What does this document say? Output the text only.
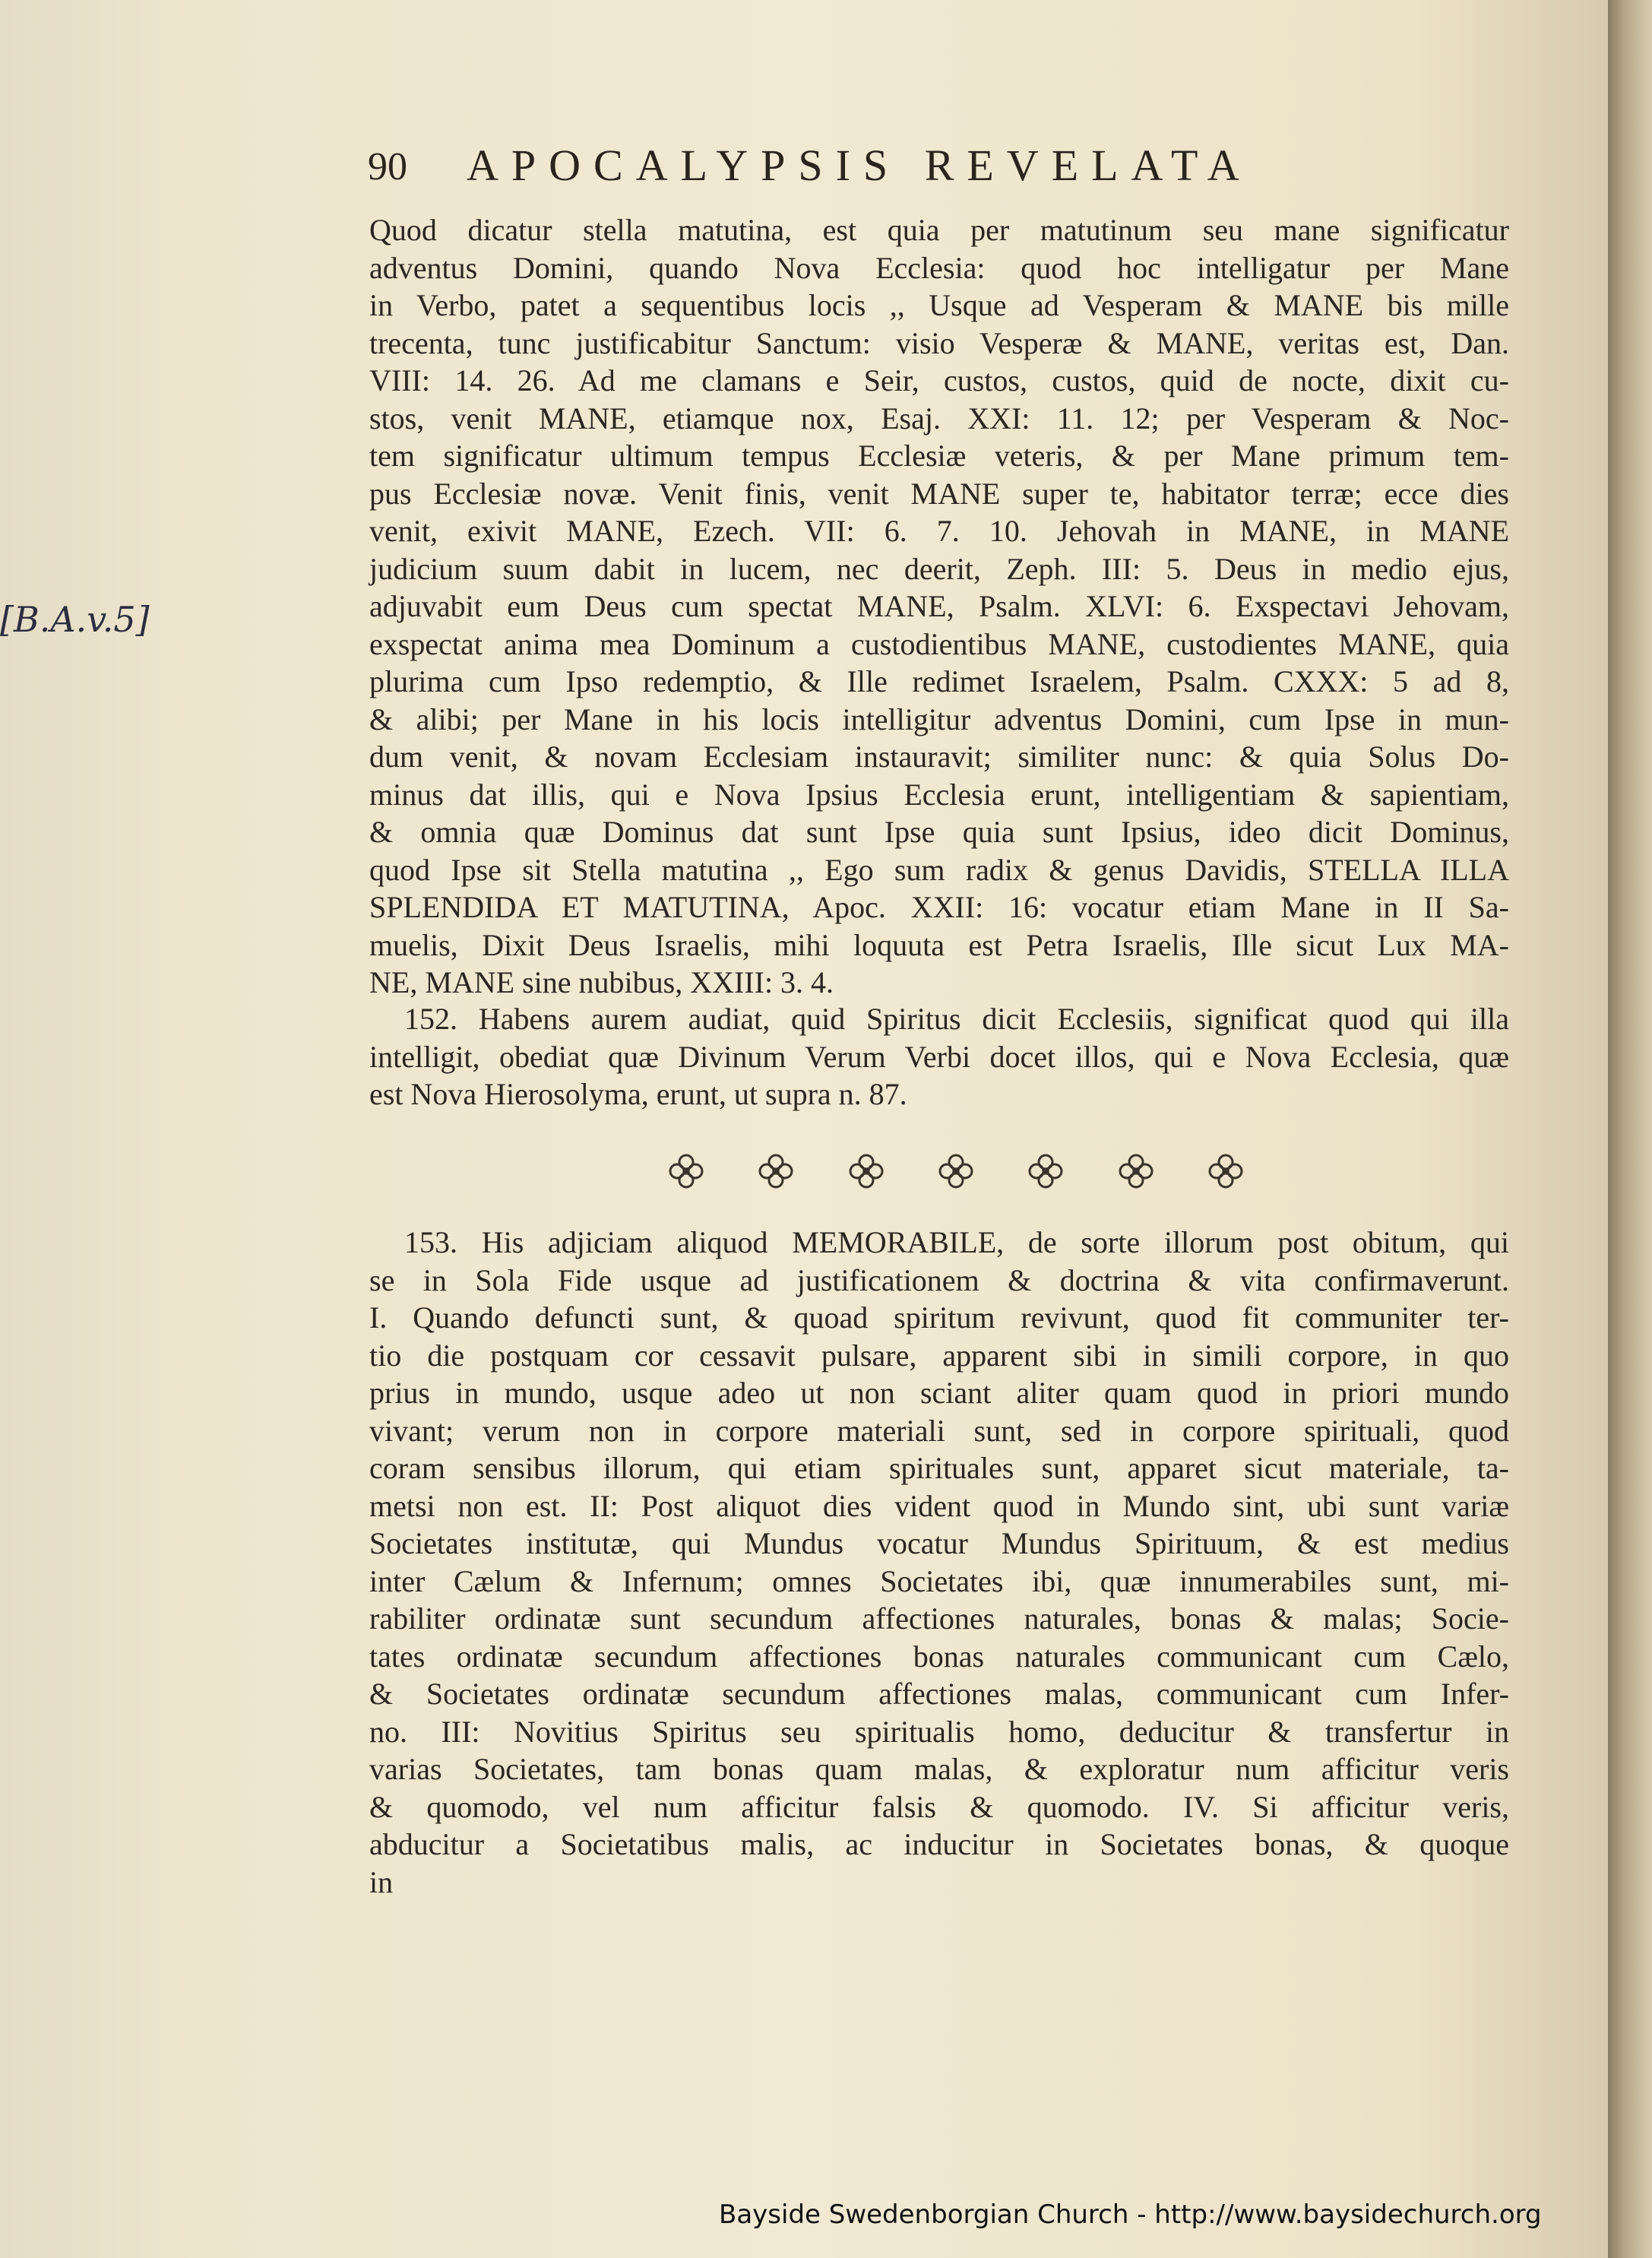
90 APOCALYPSIS REVELATA
[B.A.v.5]
Quod dicatur stella matutina, est quia per matutinum seu mane significatur
adventus Domini, quando Nova Ecclesia: quod hoc intelligatur per Mane
in Verbo, patet a sequentibus locis ,, Usque ad Vesperam & MANE bis mille
trecenta, tunc justificabitur Sanctum: visio Vesperæ & MANE, veritas est, Dan.
VIII: 14. 26. Ad me clamans e Seir, custos, custos, quid de nocte, dixit cu-
stos, venit MANE, etiamque nox, Esaj. XXI: 11. 12; per Vesperam & Noc-
tem significatur ultimum tempus Ecclesiæ veteris, & per Mane primum tem-
pus Ecclesiæ novæ. Venit finis, venit MANE super te, habitator terræ; ecce dies
venit, exivit MANE, Ezech. VII: 6. 7. 10. Jehovah in MANE, in MANE
judicium suum dabit in lucem, nec deerit, Zeph. III: 5. Deus in medio ejus,
adjuvabit eum Deus cum spectat MANE, Psalm. XLVI: 6. Exspectavi Jehovam,
exspectat anima mea Dominum a custodientibus MANE, custodientes MANE, quia
plurima cum Ipso redemptio, & Ille redimet Israelem, Psalm. CXXX: 5 ad 8,
& alibi; per Mane in his locis intelligitur adventus Domini, cum Ipse in mun-
dum venit, & novam Ecclesiam instauravit; similiter nunc: & quia Solus Do-
minus dat illis, qui e Nova Ipsius Ecclesia erunt, intelligentiam & sapientiam,
& omnia quæ Dominus dat sunt Ipse quia sunt Ipsius, ideo dicit Dominus,
quod Ipse sit Stella matutina ,, Ego sum radix & genus Davidis, STELLA ILLA
SPLENDIDA ET MATUTINA, Apoc. XXII: 16: vocatur etiam Mane in II Sa-
muelis, Dixit Deus Israelis, mihi loquuta est Petra Israelis, Ille sicut Lux MA-
NE, MANE sine nubibus, XXIII: 3. 4.
152. Habens aurem audiat, quid Spiritus dicit Ecclesiis, significat quod qui illa
intelligit, obediat quæ Divinum Verum Verbi docet illos, qui e Nova Ecclesia, quæ
est Nova Hierosolyma, erunt, ut supra n. 87.
153. His adjiciam aliquod MEMORABILE, de sorte illorum post obitum, qui
se in Sola Fide usque ad justificationem & doctrina & vita confirmaverunt.
I. Quando defuncti sunt, & quoad spiritum revivunt, quod fit communiter ter-
tio die postquam cor cessavit pulsare, apparent sibi in simili corpore, in quo
prius in mundo, usque adeo ut non sciant aliter quam quod in priori mundo
vivant; verum non in corpore materiali sunt, sed in corpore spirituali, quod
coram sensibus illorum, qui etiam spirituales sunt, apparet sicut materiale, ta-
metsi non est. II: Post aliquot dies vident quod in Mundo sint, ubi sunt variæ
Societates institutæ, qui Mundus vocatur Mundus Spirituum, & est medius
inter Cælum & Infernum; omnes Societates ibi, quæ innumerabiles sunt, mi-
rabiliter ordinatæ sunt secundum affectiones naturales, bonas & malas; Socie-
tates ordinatæ secundum affectiones bonas naturales communicant cum Cælo,
& Societates ordinatæ secundum affectiones malas, communicant cum Infer-
no. III: Novitius Spiritus seu spiritualis homo, deducitur & transfertur in
varias Societates, tam bonas quam malas, & exploratur num afficitur veris
& quomodo, vel num afficitur falsis & quomodo. IV. Si afficitur veris,
abducitur a Societatibus malis, ac inducitur in Societates bonas, & quoque
in
Bayside Swedenborgian Church - http://www.baysidechurch.org
